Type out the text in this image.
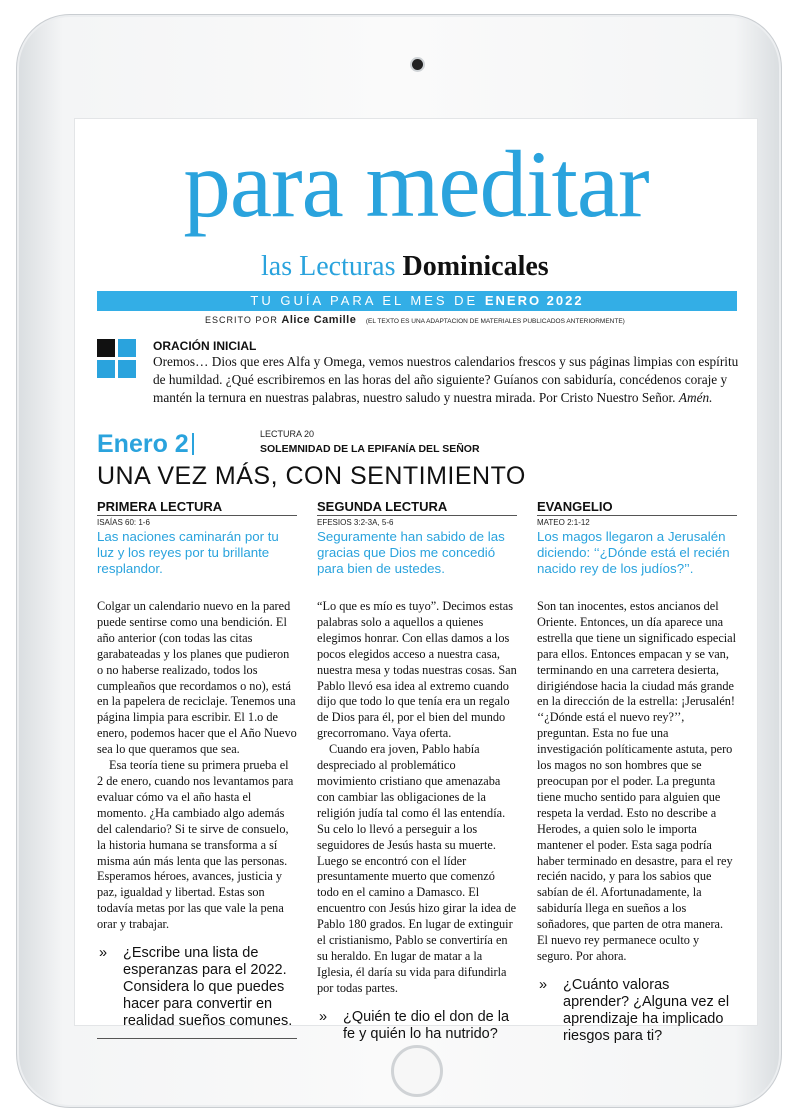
para meditar
las Lecturas Dominicales
TU GUÍA PARA EL MES DE ENERO 2022
ESCRITO POR Alice Camille (EL TEXTO ES UNA ADAPTACION DE MATERIALES PUBLICADOS ANTERIORMENTE)
ORACIÓN INICIAL
Oremos… Dios que eres Alfa y Omega, vemos nuestros calendarios frescos y sus páginas limpias con espíritu de humildad. ¿Qué escribiremos en las horas del año siguiente? Guíanos con sabiduría, concédenos coraje y mantén la ternura en nuestras palabras, nuestro saludo y nuestra mirada. Por Cristo Nuestro Señor. Amén.
Enero 2	LECTURA 20
SOLEMNIDAD DE LA EPIFANÍA DEL SEÑOR
UNA VEZ MÁS, CON SENTIMIENTO
PRIMERA LECTURA
ISAÍAS 60: 1-6
Las naciones caminarán por tu luz y los reyes por tu brillante resplandor.

Colgar un calendario nuevo en la pared puede sentirse como una bendición. El año anterior (con todas las citas garabateadas y los planes que pudieron o no haberse realizado, todos los cumpleaños que recordamos o no), está en la papelera de reciclaje. Tenemos una página limpia para escribir. El 1.o de enero, podemos hacer que el Año Nuevo sea lo que queramos que sea.

Esa teoría tiene su primera prueba el 2 de enero, cuando nos levantamos para evaluar cómo va el año hasta el momento. ¿Ha cambiado algo además del calendario? Si te sirve de consuelo, la historia humana se transforma a sí misma aún más lenta que las personas. Esperamos héroes, avances, justicia y paz, igualdad y libertad. Estas son todavía metas por las que vale la pena orar y trabajar.

»	¿Escribe una lista de esperanzas para el 2022. Considera lo que puedes hacer para convertir en realidad sueños comunes.
SEGUNDA LECTURA
EFESIOS 3:2-3A, 5-6
Seguramente han sabido de las gracias que Dios me concedió para bien de ustedes.

“Lo que es mío es tuyo”. Decimos estas palabras solo a aquellos a quienes elegimos honrar. Con ellas damos a los pocos elegidos acceso a nuestra casa, nuestra mesa y todas nuestras cosas. San Pablo llevó esa idea al extremo cuando dijo que todo lo que tenía era un regalo de Dios para él, por el bien del mundo grecorromano. Vaya oferta.

Cuando era joven, Pablo había despreciado al problemático movimiento cristiano que amenazaba con cambiar las obligaciones de la religión judía tal como él las entendía. Su celo lo llevó a perseguir a los seguidores de Jesús hasta su muerte. Luego se encontró con el líder presuntamente muerto que comenzó todo en el camino a Damasco. El encuentro con Jesús hizo girar la idea de Pablo 180 grados. En lugar de extinguir el cristianismo, Pablo se convertiría en su heraldo. En lugar de matar a la Iglesia, él daría su vida para difundirla por todas partes.

»	¿Quién te dio el don de la fe y quién lo ha nutrido?
EVANGELIO
MATEO 2:1-12
Los magos llegaron a Jerusalén diciendo: ‘‘¿Dónde está el recién nacido rey de los judíos?’’.

Son tan inocentes, estos ancianos del Oriente. Entonces, un día aparece una estrella que tiene un significado especial para ellos. Entonces empacan y se van, terminando en una carretera desierta, dirigiéndose hacia la ciudad más grande en la dirección de la estrella: ¡Jerusalén! ‘‘¿Dónde está el nuevo rey?’’, preguntan. Esta no fue una investigación políticamente astuta, pero los magos no son hombres que se preocupan por el poder. La pregunta tiene mucho sentido para alguien que respeta la verdad. Esto no describe a Herodes, a quien solo le importa mantener el poder. Esta saga podría haber terminado en desastre, para el rey recién nacido, y para los sabios que sabían de él. Afortunadamente, la sabiduría llega en sueños a los soñadores, que parten de otra manera. El nuevo rey permanece oculto y seguro. Por ahora.

»	¿Cuánto valoras aprender? ¿Alguna vez el aprendizaje ha implicado riesgos para ti?
